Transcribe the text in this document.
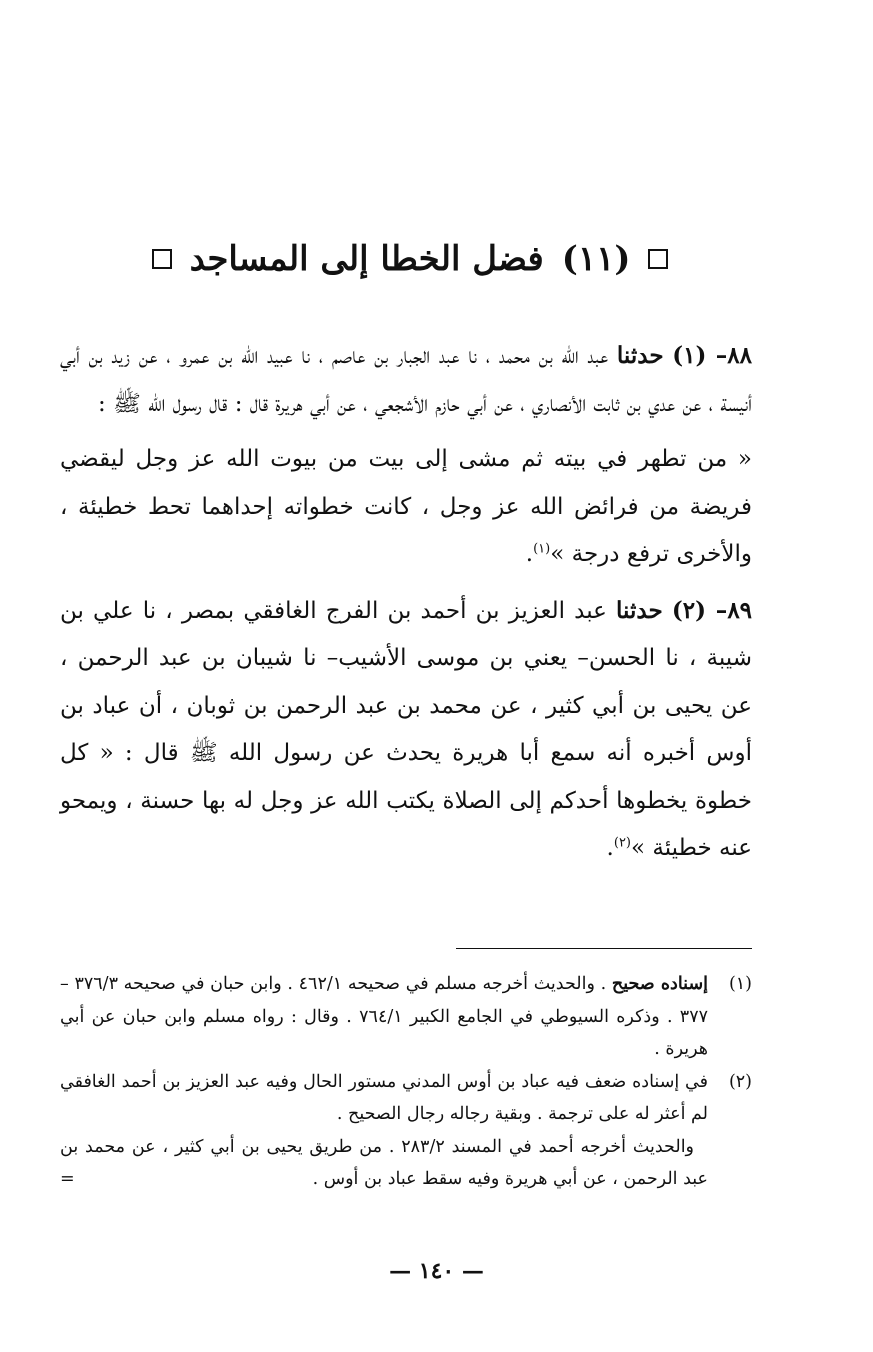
(١١)
فضل الخطا إلى المساجد

٨٨– (١) حدثنا عبد الله بن محمد ، نا عبد الجبار بن عاصم ، نا عبيد الله بن عمرو ، عن زيد بن أبي أنيسة ، عن عدي بن ثابت الأنصاري ، عن أبي حازم الأشجعي ، عن أبي هريرة قال : قال رسول الله ﷺ :

« من تطهر في بيته ثم مشى إلى بيت من بيوت الله عز وجل ليقضي فريضة من فرائض الله عز وجل ، كانت خطواته إحداهما تحط خطيئة ، والأخرى ترفع درجة »$^{(١)}$.

٨٩– (٢) حدثنا عبد العزيز بن أحمد بن الفرج الغافقي بمصر ، نا علي بن شيبة ، نا الحسن– يعني بن موسى الأشيب– نا شيبان بن عبد الرحمن ، عن يحيى بن أبي كثير ، عن محمد بن عبد الرحمن بن ثوبان ، أن عباد بن أوس أخبره أنه سمع أبا هريرة يحدث عن رسول الله ﷺ قال : « كل خطوة يخطوها أحدكم إلى الصلاة يكتب الله عز وجل له بها حسنة ، ويمحو عنه خطيئة »$^{(٢)}$.

(١)

إسناده صحيح . والحديث أخرجه مسلم في صحيحه ٤٦٢/١ . وابن حبان في صحيحه ٣٧٦/٣ – ٣٧٧ . وذكره السيوطي في الجامع الكبير ٧٦٤/١ . وقال : رواه مسلم وابن حبان عن أبي هريرة .

(٢)

في إسناده ضعف فيه عباد بن أوس المدني مستور الحال وفيه عبد العزيز بن أحمد الغافقي لم أعثر له على ترجمة . وبقية رجاله رجال الصحيح .

والحديث أخرجه أحمد في المسند ٢٨٣/٢ . من طريق يحيى بن أبي كثير ، عن محمد بن عبد الرحمن ، عن أبي هريرة وفيه سقط عباد بن أوس .
=

— ١٤٠ —
